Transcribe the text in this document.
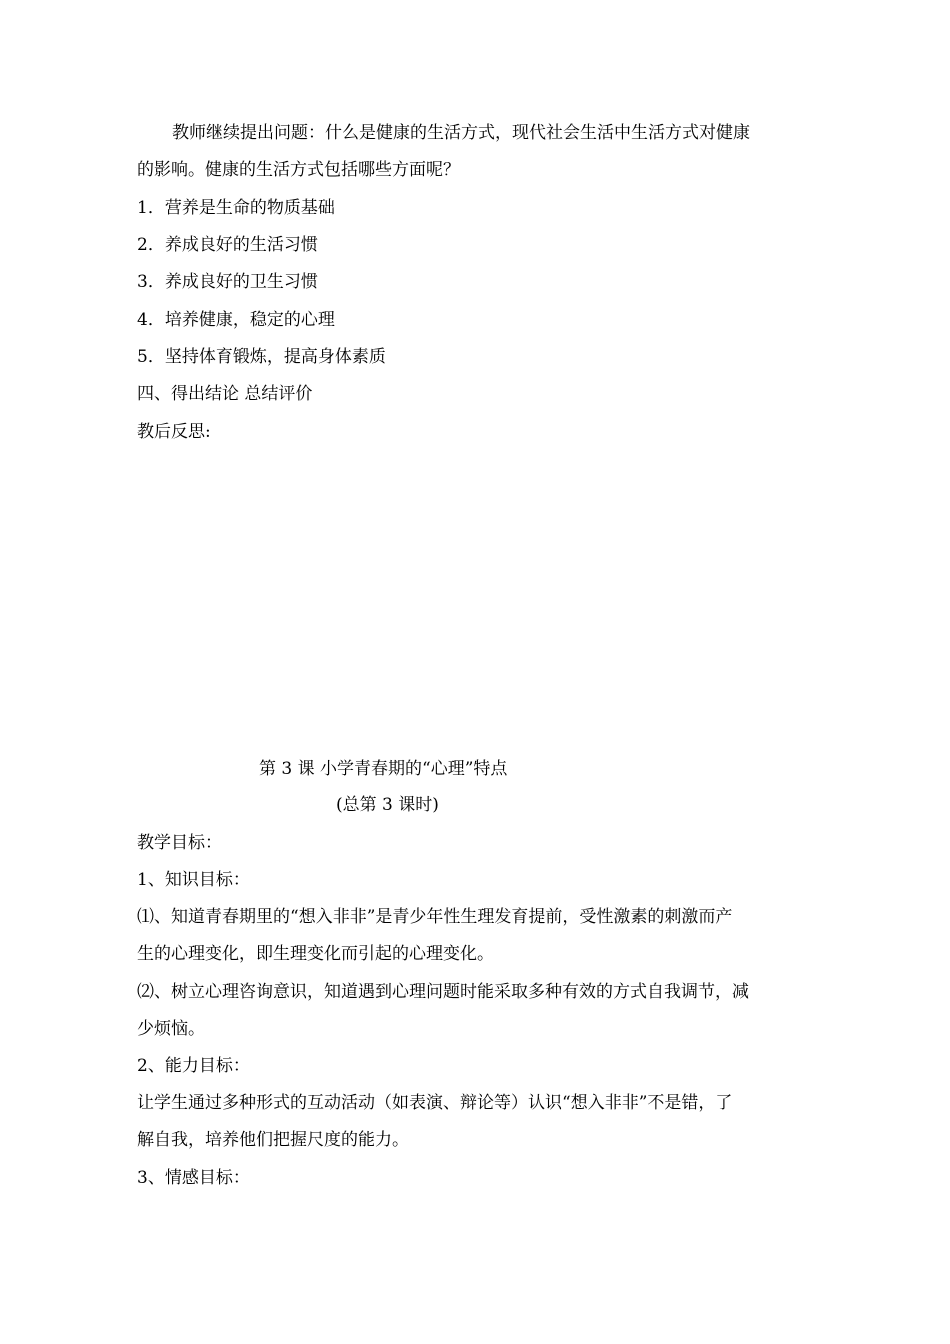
教师继续提出问题：什么是健康的生活方式，现代社会生活中生活方式对健康
的影响。健康的生活方式包括哪些方面呢？
1．营养是生命的物质基础
2．养成良好的生活习惯
3．养成良好的卫生习惯
4．培养健康，稳定的心理
5．坚持体育锻炼，提高身体素质
四、得出结论 总结评价
教后反思:
第 3 课 小学青春期的“心理”特点
(总第 3 课时)
教学目标：
1、知识目标：
⑴、知道青春期里的“想入非非”是青少年性生理发育提前，受性激素的刺激而产
生的心理变化，即生理变化而引起的心理变化。
⑵、树立心理咨询意识，知道遇到心理问题时能采取多种有效的方式自我调节，减
少烦恼。
2、能力目标：
让学生通过多种形式的互动活动（如表演、辩论等）认识“想入非非”不是错，了
解自我，培养他们把握尺度的能力。
3、情感目标：
